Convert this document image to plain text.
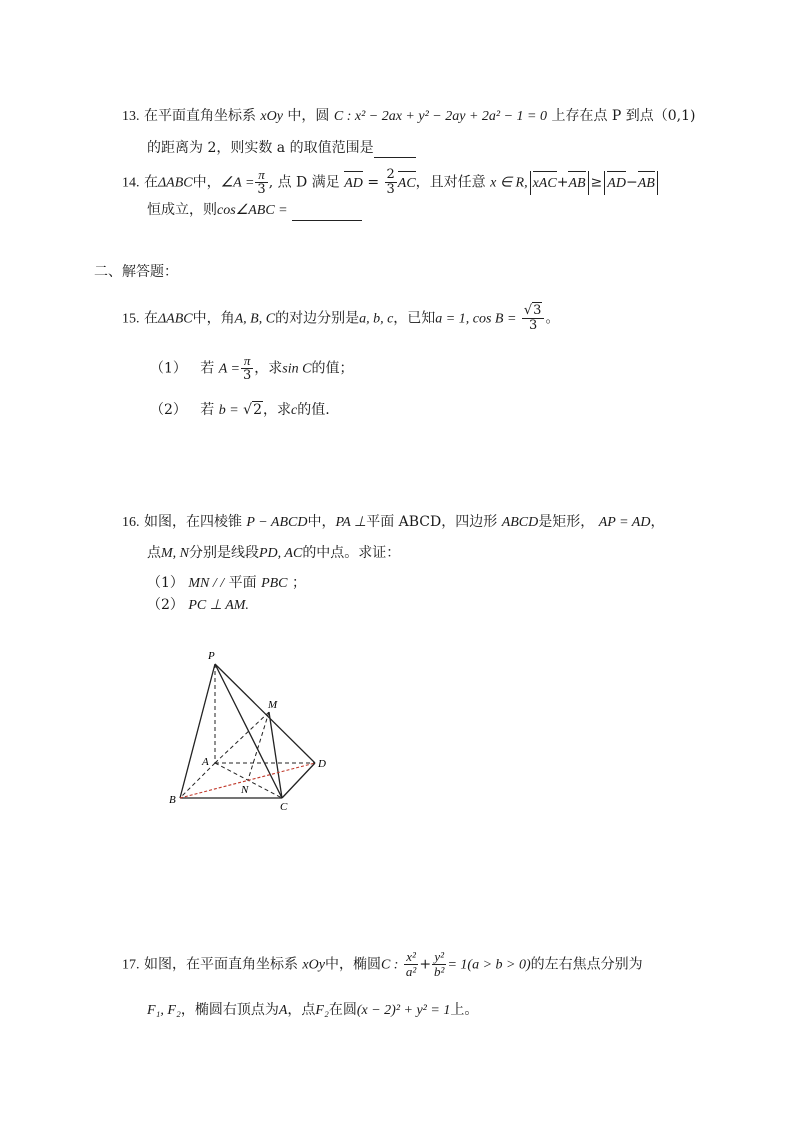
13. 在平面直角坐标系 xOy 中，圆 C : x² − 2ax + y² − 2ay + 2a² − 1 = 0 上存在点 P 到点（0,1)
的距离为 2，则实数 a 的取值范围是
14. 在ΔABC中，∠A = $\frac{\pi}{3}$ , 点 D 满足 AD = $\frac{2}{3}$ AC，且对任意 x ∈ R, xAC+AB ≥ AD−AB
恒成立，则cos∠ABC =
二、解答题：
15. 在ΔABC中，角A, B, C的对边分别是a, b, c，已知a = 1, $\cos B = \frac{√3}{3}$ 。
（1） 若 $A = \frac{\pi}{3}$ ，求sin C的值；
（2） 若 b = √2，求c的值.
16. 如图，在四棱锥 P − ABCD中，PA ⊥平面 ABCD，四边形 ABCD是矩形， AP = AD，
点M, N分别是线段PD, AC的中点。求证：
（1） MN / / 平面 PBC ；
（2） PC ⊥ AM.
P
M
A	D
N
B
C
17. 如图，在平面直角坐标系 xOy中，椭圆C : $\frac{\text{x²}}{\text{a²}} + \frac{\text{y²}}{\text{b²}} = 1(a > b > 0)$的左右焦点分别为
F₁, F₂，椭圆右顶点为A，点F₂在圆(x − 2)² + y² = 1上。
